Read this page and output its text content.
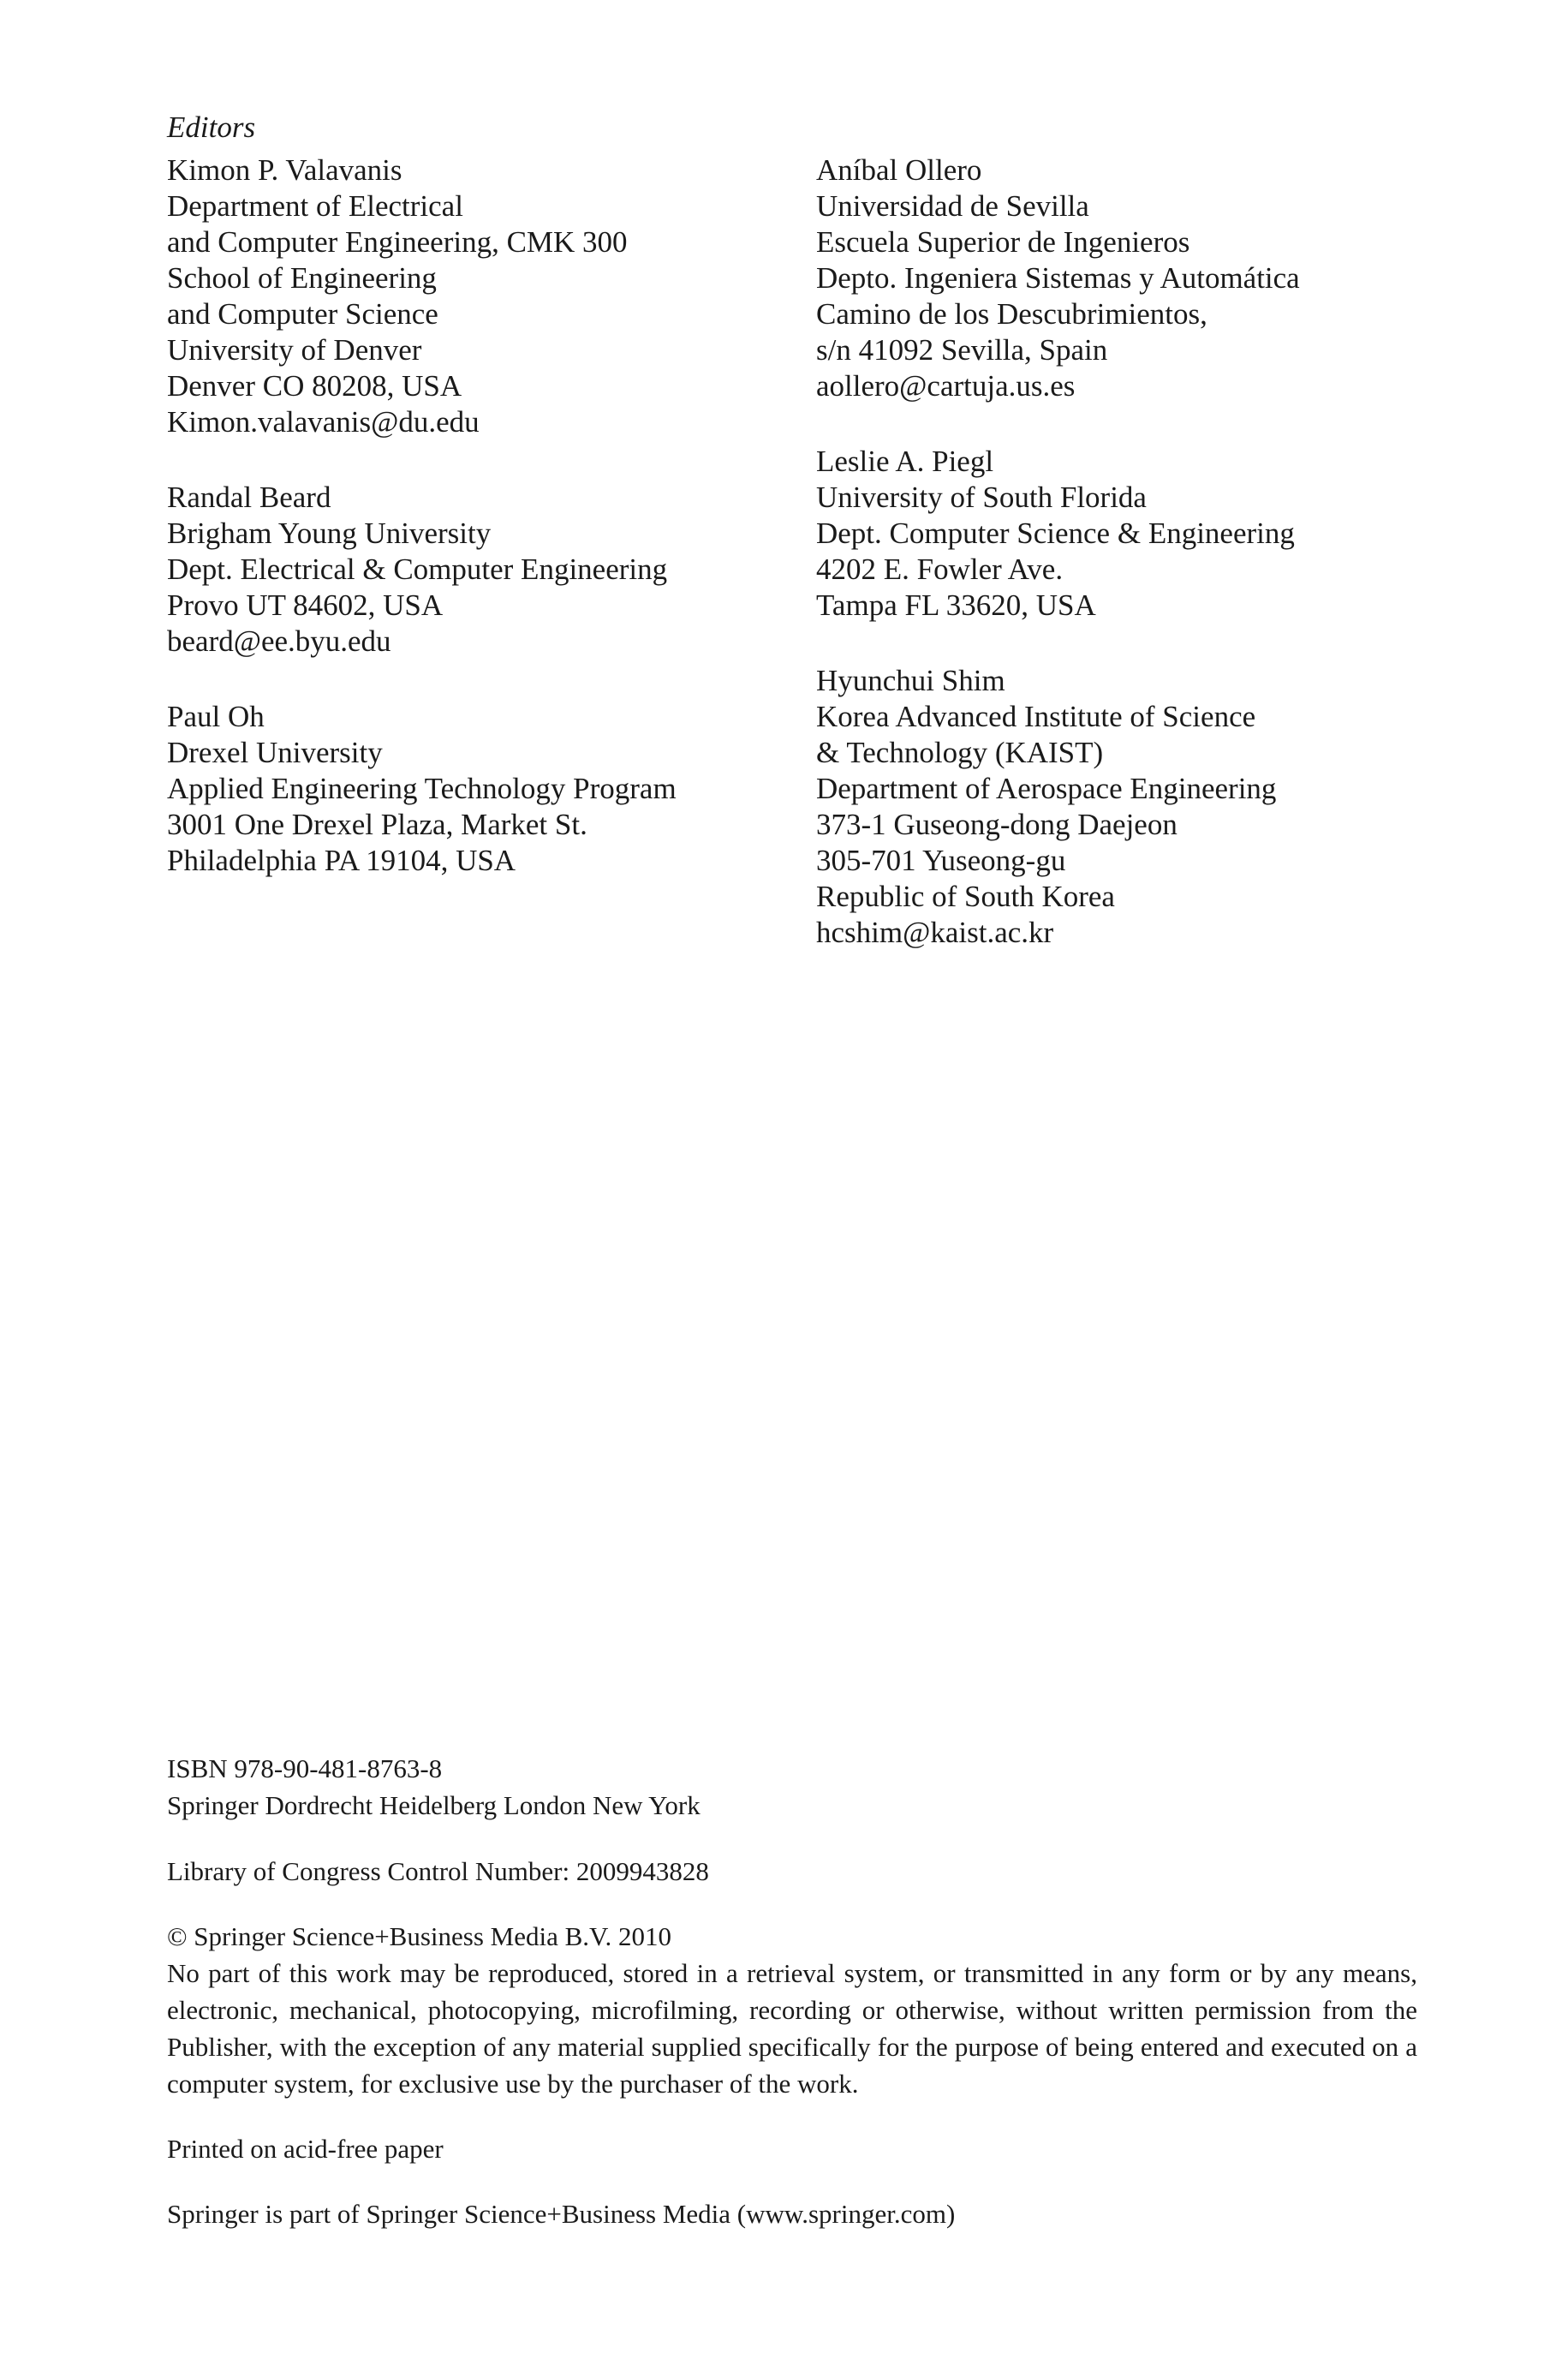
Editors
Kimon P. Valavanis
Department of Electrical
and Computer Engineering, CMK 300
School of Engineering
and Computer Science
University of Denver
Denver CO 80208, USA
Kimon.valavanis@du.edu
Randal Beard
Brigham Young University
Dept. Electrical & Computer Engineering
Provo UT 84602, USA
beard@ee.byu.edu
Paul Oh
Drexel University
Applied Engineering Technology Program
3001 One Drexel Plaza, Market St.
Philadelphia PA 19104, USA
Aníbal Ollero
Universidad de Sevilla
Escuela Superior de Ingenieros
Depto. Ingeniera Sistemas y Automática
Camino de los Descubrimientos,
s/n 41092 Sevilla, Spain
aollero@cartuja.us.es
Leslie A. Piegl
University of South Florida
Dept. Computer Science & Engineering
4202 E. Fowler Ave.
Tampa FL 33620, USA
Hyunchui Shim
Korea Advanced Institute of Science
& Technology (KAIST)
Department of Aerospace Engineering
373-1 Guseong-dong Daejeon
305-701 Yuseong-gu
Republic of South Korea
hcshim@kaist.ac.kr

ISBN 978-90-481-8763-8

Springer Dordrecht Heidelberg London New York

Library of Congress Control Number: 2009943828

© Springer Science+Business Media B.V. 2010

No part of this work may be reproduced, stored in a retrieval system, or transmitted in any form or by any means, electronic, mechanical, photocopying, microfilming, recording or otherwise, without written permission from the Publisher, with the exception of any material supplied specifically for the purpose of being entered and executed on a computer system, for exclusive use by the purchaser of the work.

Printed on acid-free paper

Springer is part of Springer Science+Business Media (www.springer.com)
